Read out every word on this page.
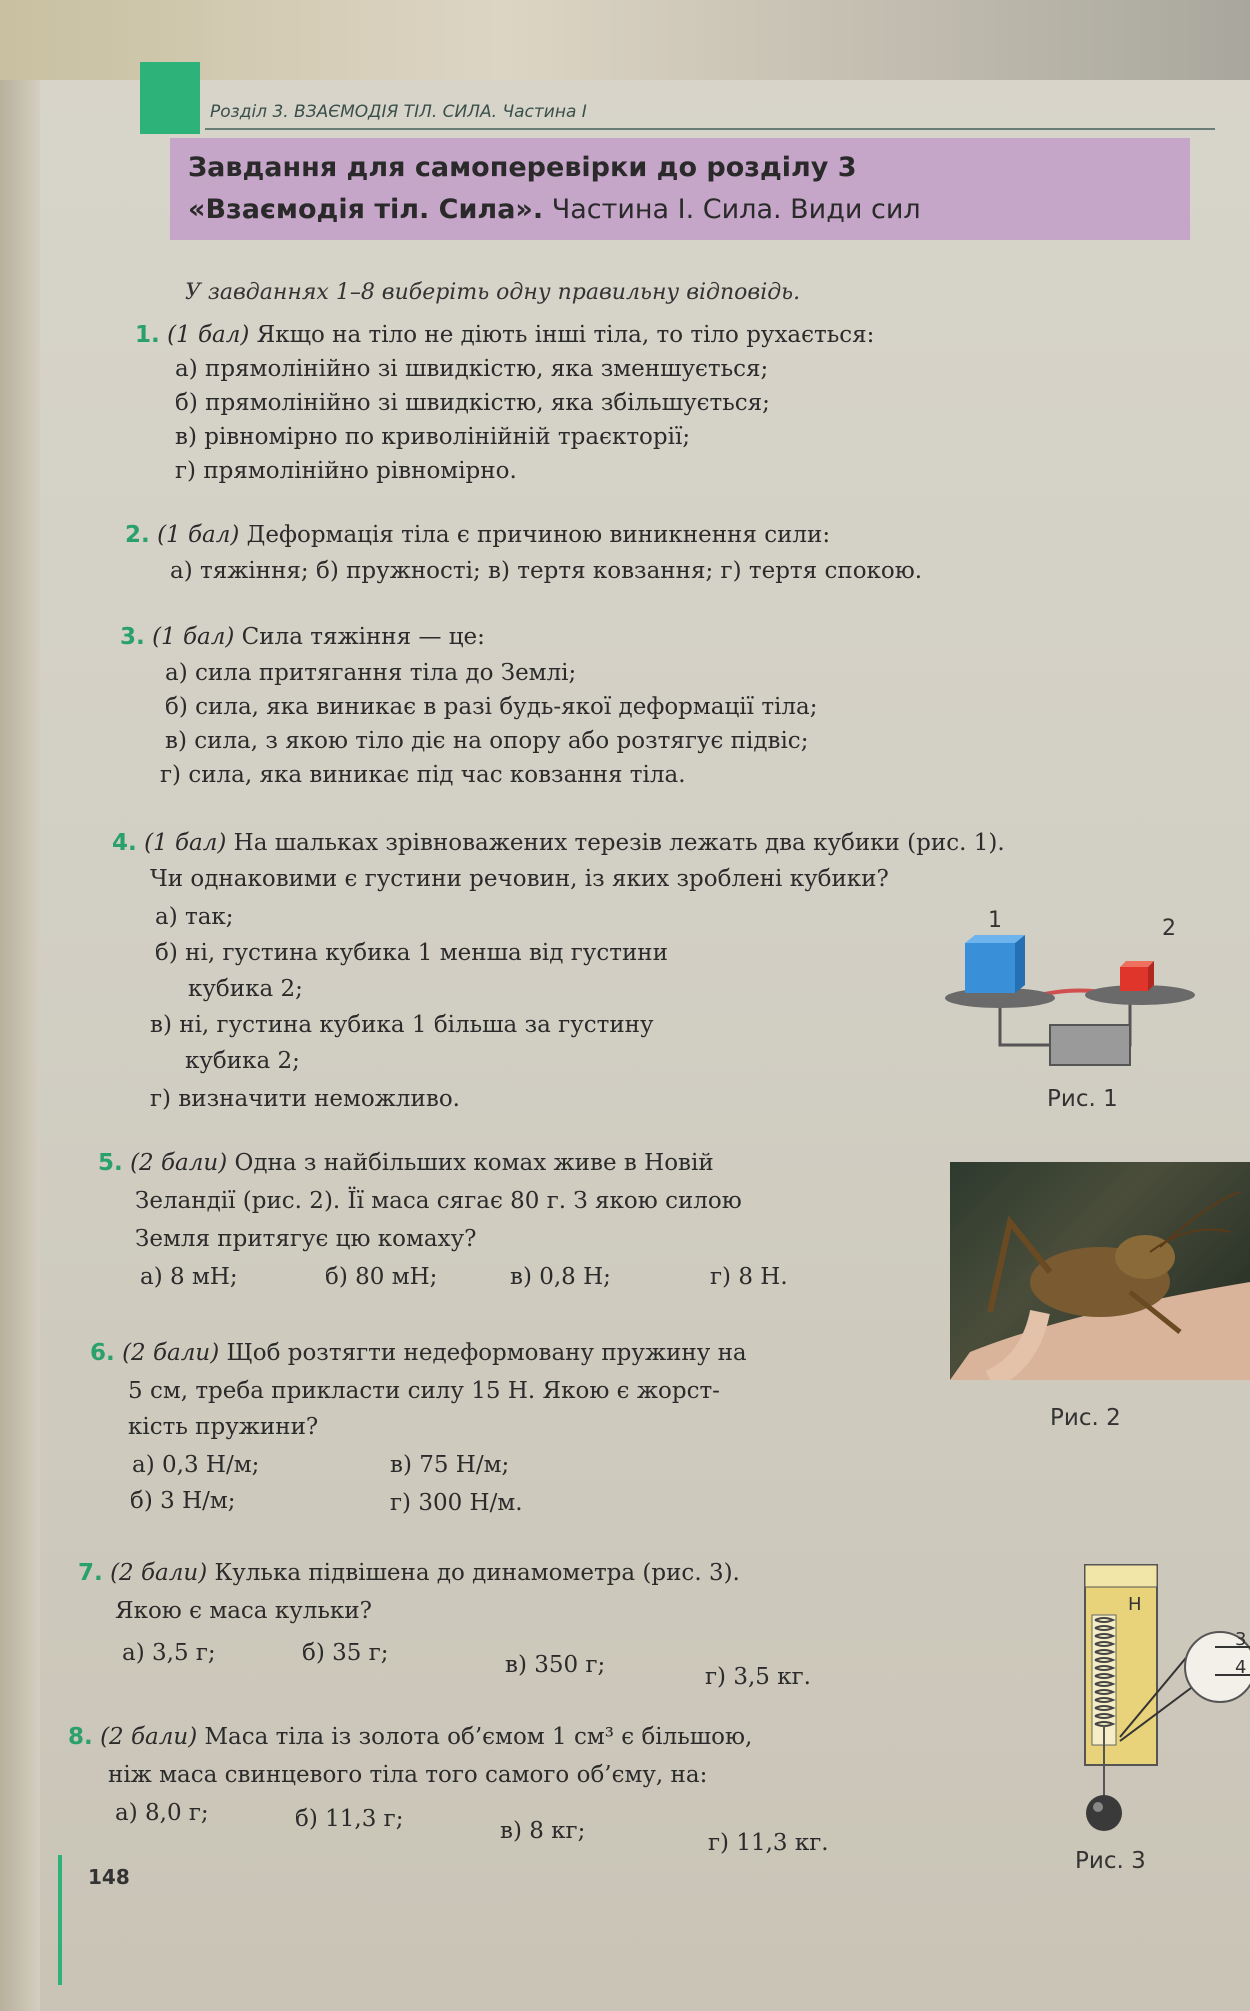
Розділ 3. ВЗАЄМОДІЯ ТІЛ. СИЛА. Частина І
Завдання для самоперевірки до розділу 3
«Взаємодія тіл. Сила». Частина І. Сила. Види сил
У завданнях 1–8 виберіть одну правильну відповідь.
1. (1 бал) Якщо на тіло не діють інші тіла, то тіло рухається:
а) прямолінійно зі швидкістю, яка зменшується;
б) прямолінійно зі швидкістю, яка збільшується;
в) рівномірно по криволінійній траєкторії;
г) прямолінійно рівномірно.
2. (1 бал) Деформація тіла є причиною виникнення сили:
а) тяжіння; б) пружності; в) тертя ковзання; г) тертя спокою.
3. (1 бал) Сила тяжіння — це:
а) сила притягання тіла до Землі;
б) сила, яка виникає в разі будь-якої деформації тіла;
в) сила, з якою тіло діє на опору або розтягує підвіс;
г) сила, яка виникає під час ковзання тіла.
4. (1 бал) На шальках зрівноважених терезів лежать два кубики (рис. 1).
Чи однаковими є густини речовин, із яких зроблені кубики?
а) так;
б) ні, густина кубика 1 менша від густини
кубика 2;
в) ні, густина кубика 1 більша за густину
кубика 2;
г) визначити неможливо.
1	2
Рис. 1
5. (2 бали) Одна з найбільших комах живе в Новій
Зеландії (рис. 2). Її маса сягає 80 г. З якою силою
Земля притягує цю комаху?
а) 8 мН;	б) 80 мН;	в) 0,8 Н;	г) 8 Н.
Рис. 2
6. (2 бали) Щоб розтягти недеформовану пружину на
5 см, треба прикласти силу 15 Н. Якою є жорст-
кість пружини?
а) 0,3 Н/м;	в) 75 Н/м;
б) 3 Н/м;	г) 300 Н/м.
7. (2 бали) Кулька підвішена до динамометра (рис. 3).
Якою є маса кульки?
а) 3,5 г;	б) 35 г;	в) 350 г;	г) 3,5 кг.
Н
3
4
Рис. 3
8. (2 бали) Маса тіла із золота об’ємом 1 см³ є більшою,
ніж маса свинцевого тіла того самого об’єму, на:
а) 8,0 г;	б) 11,3 г;	в) 8 кг;	г) 11,3 кг.
148
